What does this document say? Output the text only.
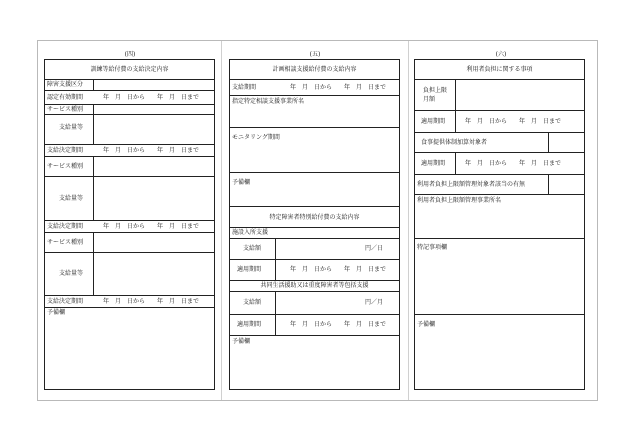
(四)	(五)	(六)
訓練等給付費の支給決定内容
障害支援区分
認定有効期間	年　月　日から　　年　月　日まで
サービス種別
支給量等
支給決定期間	年　月　日から　　年　月　日まで
サービス種別
支給量等
支給決定期間	年　月　日から　　年　月　日まで
サービス種別
支給量等
支給決定期間	年　月　日から　　年　月　日まで
予備欄
計画相談支援給付費の支給内容
支給期間	年　月　日から　　年　月　日まで
指定特定相談支援事業所名
モニタリング期間
予備欄
特定障害者特別給付費の支給内容
施設入所支援
支給額	円／日
適用期間	年　月　日から　　年　月　日まで
共同生活援助又は重度障害者等包括支援
支給額	円／月
適用期間	年　月　日から　　年　月　日まで
予備欄
利用者負担に関する事項
負担上限月額
適用期間	年　月　日から　　年　月　日まで
食事提供体制加算対象者
適用期間	年　月　日から　　年　月　日まで
利用者負担上限額管理対象者該当の有無
利用者負担上限額管理事業所名
特記事項欄
予備欄
